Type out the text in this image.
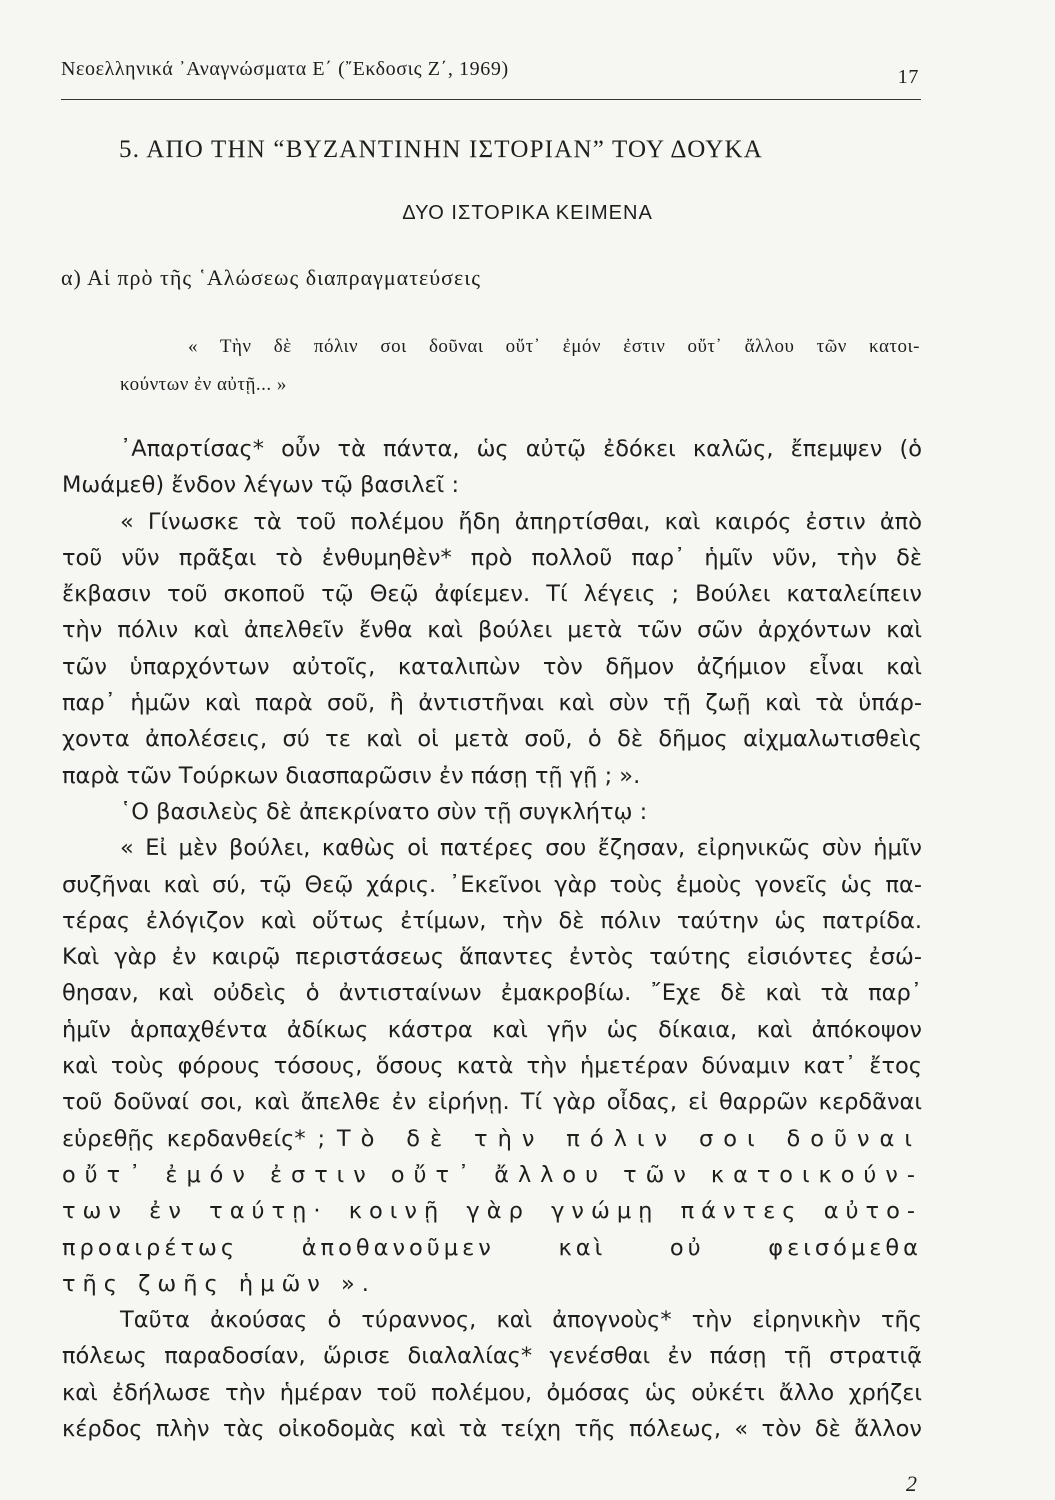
Νεοελληνικά ᾿Αναγνώσματα Ε΄ (῎Εκδοσις Ζ΄, 1969)	17
5. ΑΠΟ ΤΗΝ “ΒΥΖΑΝΤΙΝΗΝ ΙΣΤΟΡΙΑΝ” ΤΟΥ ΔΟΥΚΑ
ΔΥΟ ΙΣΤΟΡΙΚΑ ΚΕΙΜΕΝΑ
α) Αἱ πρὸ τῆς ῾Αλώσεως διαπραγματεύσεις

« Τὴν δὲ πόλιν σοι δοῦναι οὔτ᾿ ἐμόν ἐστιν οὔτ᾿ ἄλλου τῶν κατοι-
κούντων ἐν αὐτῇ... »

᾿Απαρτίσας* οὖν τὰ πάντα, ὡς αὐτῷ ἐδόκει καλῶς, ἔπεμψεν (ὁ
Μωάμεθ) ἔνδον λέγων τῷ βασιλεῖ :
« Γίνωσκε τὰ τοῦ πολέμου ἤδη ἀπηρτίσθαι, καὶ καιρός ἐστιν ἀπὸ
τοῦ νῦν πρᾶξαι τὸ ἐνθυμηθὲν* πρὸ πολλοῦ παρ᾿ ἡμῖν νῦν, τὴν δὲ
ἔκβασιν τοῦ σκοποῦ τῷ Θεῷ ἀφίεμεν. Τί λέγεις ; Βούλει καταλείπειν
τὴν πόλιν καὶ ἀπελθεῖν ἔνθα καὶ βούλει μετὰ τῶν σῶν ἀρχόντων καὶ
τῶν ὑπαρχόντων αὐτοῖς, καταλιπὼν τὸν δῆμον ἀζήμιον εἶναι καὶ
παρ᾿ ἡμῶν καὶ παρὰ σοῦ, ἢ ἀντιστῆναι καὶ σὺν τῇ ζωῇ καὶ τὰ ὑπάρ-
χοντα ἀπολέσεις, σύ τε καὶ οἱ μετὰ σοῦ, ὁ δὲ δῆμος αἰχμαλωτισθεὶς
παρὰ τῶν Τούρκων διασπαρῶσιν ἐν πάσῃ τῇ γῇ ; ».
῾Ο βασιλεὺς δὲ ἀπεκρίνατο σὺν τῇ συγκλήτῳ :
« Εἰ μὲν βούλει, καθὼς οἱ πατέρες σου ἔζησαν, εἰρηνικῶς σὺν ἡμῖν
συζῆναι καὶ σύ, τῷ Θεῷ χάρις. ᾿Εκεῖνοι γὰρ τοὺς ἐμοὺς γονεῖς ὡς πα-
τέρας ἐλόγιζον καὶ οὕτως ἐτίμων, τὴν δὲ πόλιν ταύτην ὡς πατρίδα.
Καὶ γὰρ ἐν καιρῷ περιστάσεως ἅπαντες ἐντὸς ταύτης εἰσιόντες ἐσώ-
θησαν, καὶ οὐδεὶς ὁ ἀντισταίνων ἐμακροβίω. ῎Εχε δὲ καὶ τὰ παρ᾿
ἡμῖν ἁρπαχθέντα ἀδίκως κάστρα καὶ γῆν ὡς δίκαια, καὶ ἀπόκοψον
καὶ τοὺς φόρους τόσους, ὅσους κατὰ τὴν ἡμετέραν δύναμιν κατ᾿ ἔτος
τοῦ δοῦναί σοι, καὶ ἄπελθε ἐν εἰρήνῃ. Τί γὰρ οἶδας, εἰ θαρρῶν κερδᾶναι
εὑρεθῇς κερδανθείς* ; Τὸ δὲ τὴν πόλιν σοι δοῦναι
οὔτ᾿ ἐμόν ἐστιν οὔτ᾿ ἄλλου τῶν κατοικούν-
των ἐν ταύτῃ· κοινῇ γὰρ γνώμῃ πάντες αὐτο-
προαιρέτως ἀποθανοῦμεν καὶ οὐ φεισόμεθα
τῆς ζωῆς ἡμῶν ».
Ταῦτα ἀκούσας ὁ τύραννος, καὶ ἀπογνοὺς* τὴν εἰρηνικὴν τῆς
πόλεως παραδοσίαν, ὥρισε διαλαλίας* γενέσθαι ἐν πάσῃ τῇ στρατιᾷ
καὶ ἐδήλωσε τὴν ἡμέραν τοῦ πολέμου, ὀμόσας ὡς οὐκέτι ἄλλο χρήζει
κέρδος πλὴν τὰς οἰκοδομὰς καὶ τὰ τείχη τῆς πόλεως, « τὸν δὲ ἄλλον
2
